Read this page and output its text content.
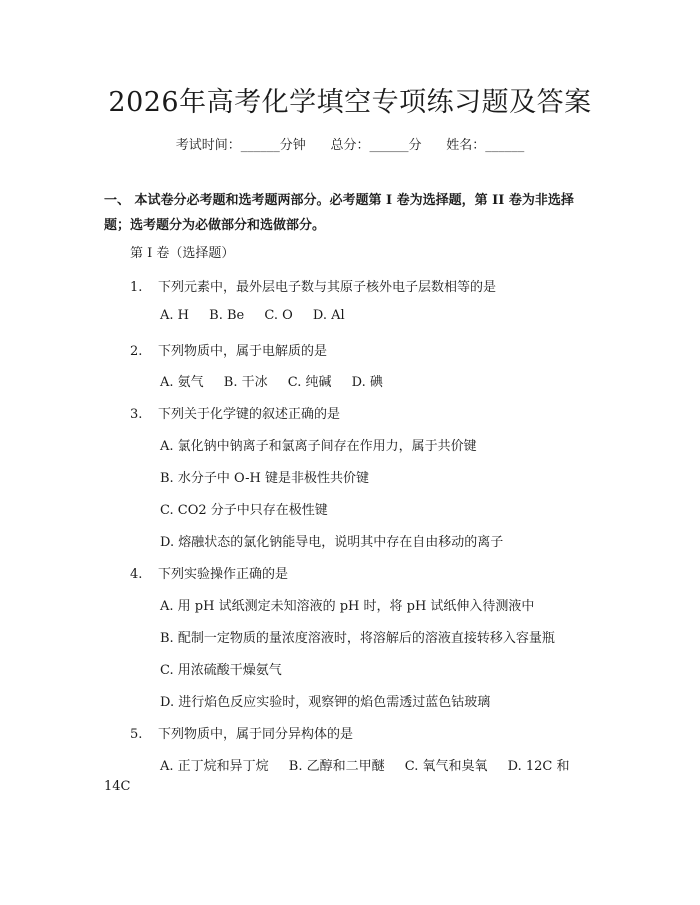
2026年高考化学填空专项练习题及答案
考试时间：______分钟      总分：______分      姓名：______

一、 本试卷分必考题和选考题两部分。必考题第 I 卷为选择题，第 II 卷为非选择题；选考题分为必做部分和选做部分。

第 I 卷（选择题）
1. 下列元素中，最外层电子数与其原子核外电子层数相等的是
A. H B. Be C. O D. Al
2. 下列物质中，属于电解质的是
A. 氨气 B. 干冰 C. 纯碱 D. 碘
3. 下列关于化学键的叙述正确的是
A. 氯化钠中钠离子和氯离子间存在作用力，属于共价键
B. 水分子中 O-H 键是非极性共价键
C. CO2 分子中只存在极性键
D. 熔融状态的氯化钠能导电，说明其中存在自由移动的离子
4. 下列实验操作正确的是
A. 用 pH 试纸测定未知溶液的 pH 时，将 pH 试纸伸入待测液中
B. 配制一定物质的量浓度溶液时，将溶解后的溶液直接转移入容量瓶
C. 用浓硫酸干燥氨气
D. 进行焰色反应实验时，观察钾的焰色需透过蓝色钴玻璃
5. 下列物质中，属于同分异构体的是
A. 正丁烷和异丁烷 B. 乙醇和二甲醚 C. 氧气和臭氧 D. 12C 和
14C
